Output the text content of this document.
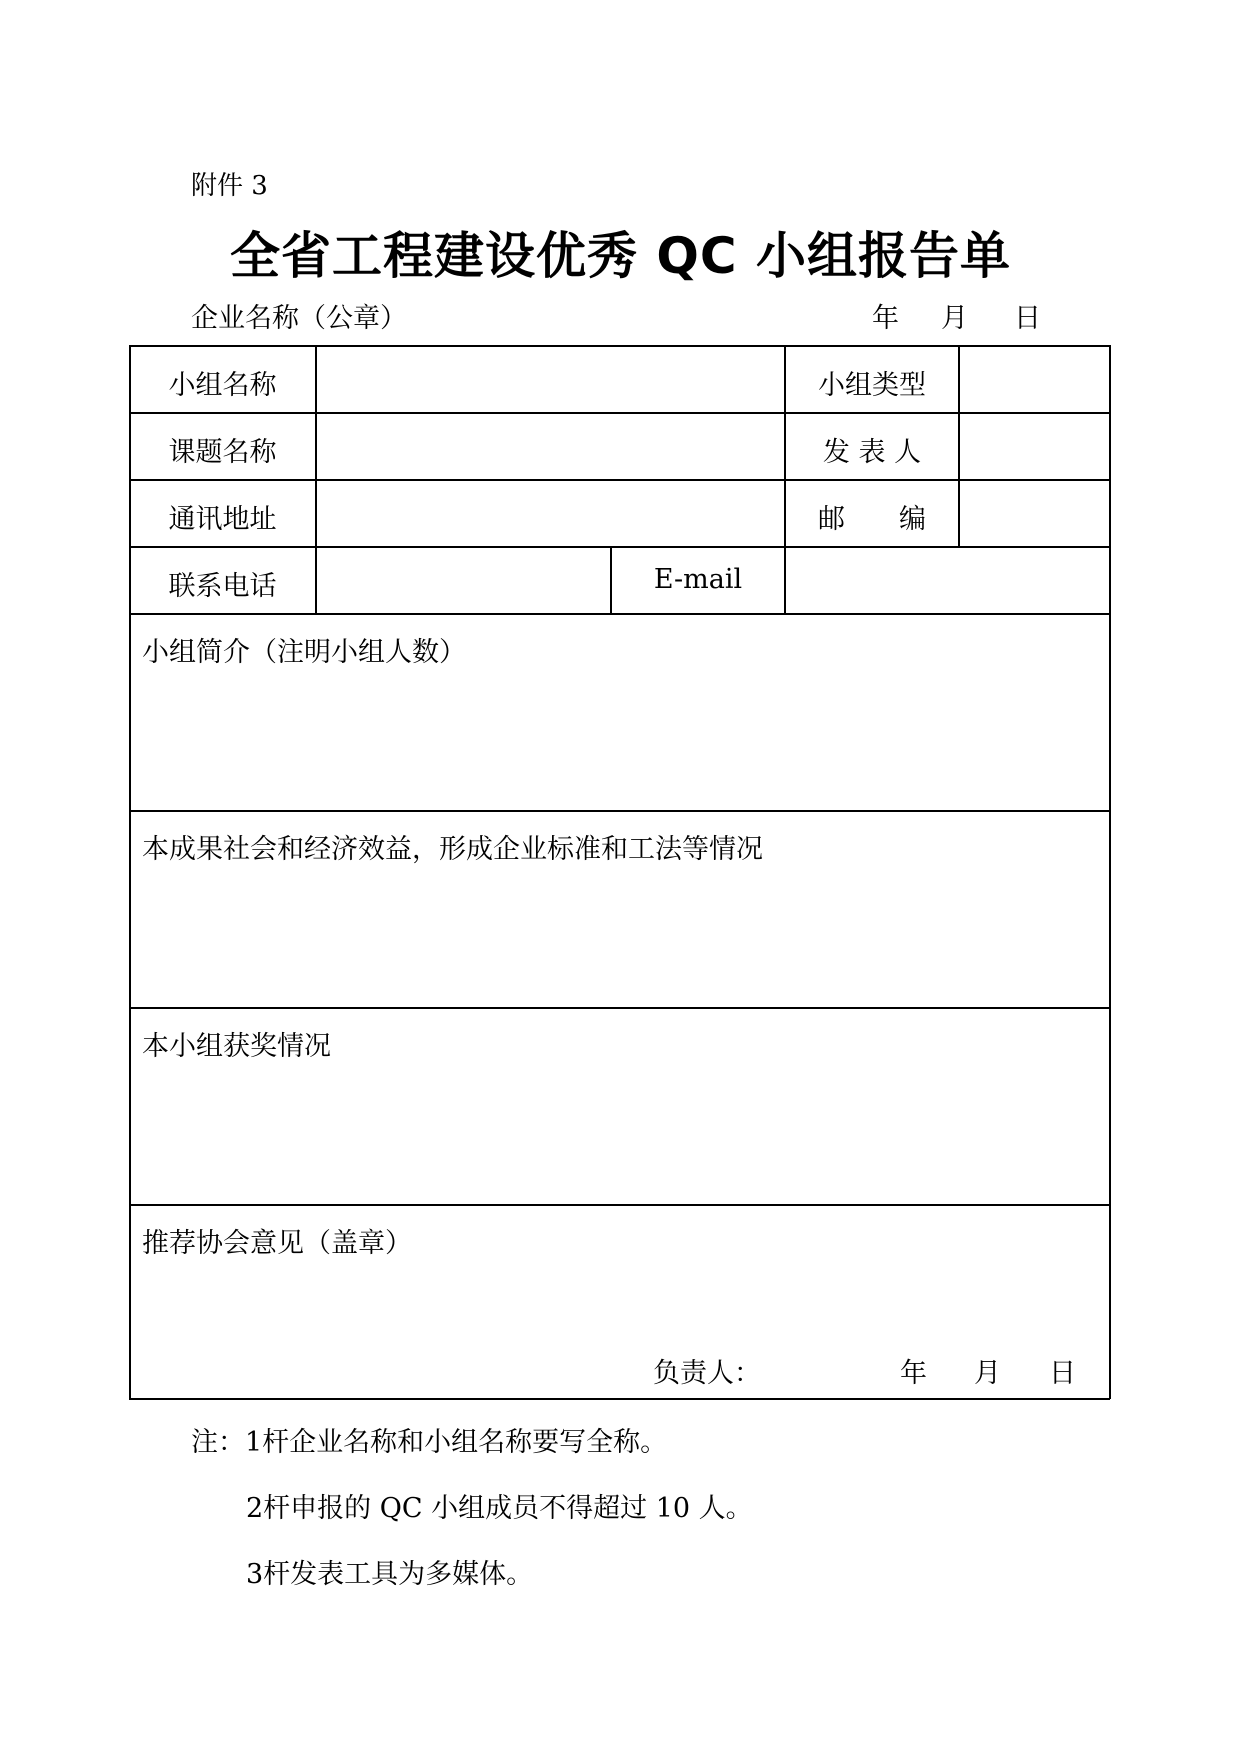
附件 3
全省工程建设优秀 QC 小组报告单
企业名称（公章）	年 月 日
小组名称	小组类型
课题名称	发 表 人
通讯地址	邮　　编
联系电话	E-mail
小组简介（注明小组人数）
本成果社会和经济效益，形成企业标准和工法等情况
本小组获奖情况
推荐协会意见（盖章）
负责人：	年 月 日
注：1杆企业名称和小组名称要写全称。
2杆申报的 QC 小组成员不得超过 10 人。
3杆发表工具为多媒体。
